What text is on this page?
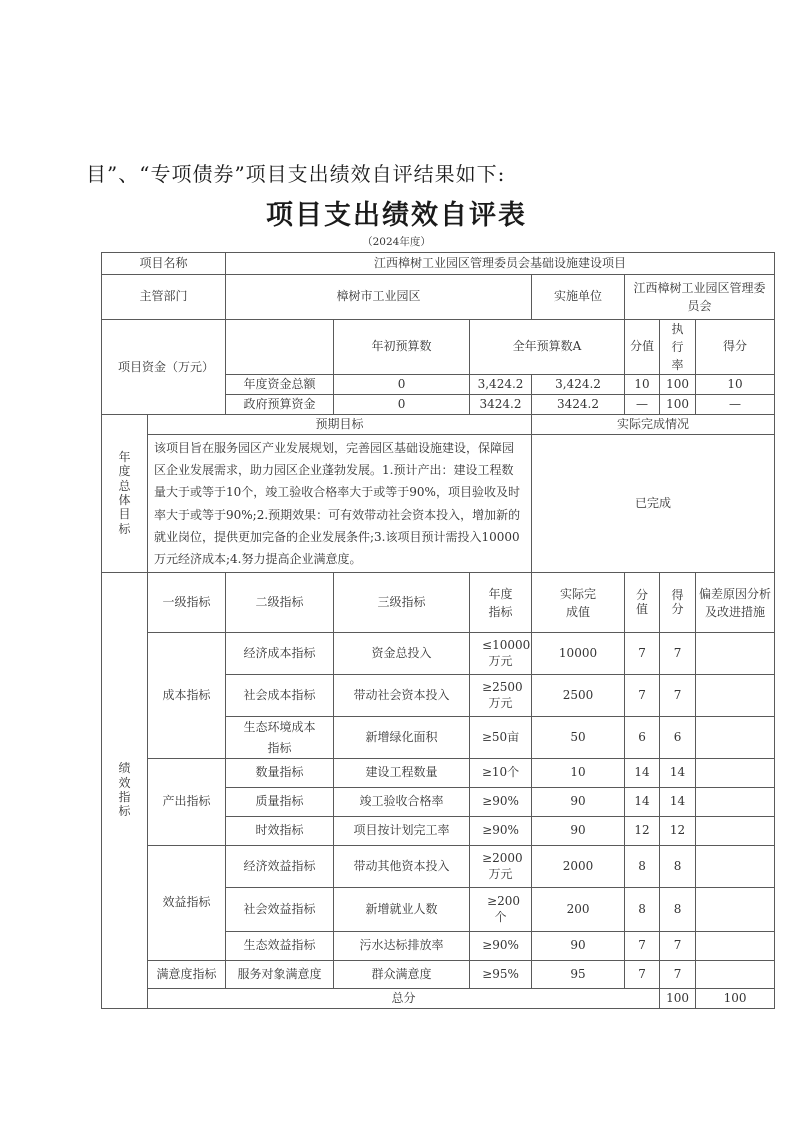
目”、“专项债券”项目支出绩效自评结果如下:
项目支出绩效自评表
（2024年度）
项目名称		江西樟树工业园区管理委员会基础设施建设项目							
主管部门		樟树市工业园区			实施单位	江西樟树工业园区管理委员会			
项目资金（万元）			年初预算数	全年预算数A		分值	执行率	得分	
		年度资金总额	0	3,424.2	3,424.2	10	100	10	
		政府预算资金	0	3424.2	3424.2	—	100	—	
年度总体目标	预期目标				实际完成情况				
	该项目旨在服务园区产业发展规划，完善园区基础设施建设，保障园区企业发展需求，助力园区企业蓬勃发展。1.预计产出：建设工程数量大于或等于10个，竣工验收合格率大于或等于90%，项目验收及时率大于或等于90%;2.预期效果：可有效带动社会资本投入，增加新的就业岗位，提供更加完备的企业发展条件;3.该项目预计需投入10000万元经济成本;4.努力提高企业满意度。				已完成				
绩效指标	一级指标	二级指标	三级指标	年度指标	实际完成值	分值	得分	偏差原因分析及改进措施	
	成本指标	经济成本指标	资金总投入	≤10000万元	10000	7	7		
		社会成本指标	带动社会资本投入	≥2500万元	2500	7	7		
		生态环境成本指标	新增绿化面积	≥50亩	50	6	6		
	产出指标	数量指标	建设工程数量	≥10个	10	14	14		
		质量指标	竣工验收合格率	≥90%	90	14	14		
		时效指标	项目按计划完工率	≥90%	90	12	12		
	效益指标	经济效益指标	带动其他资本投入	≥2000万元	2000	8	8		
		社会效益指标	新增就业人数	≥200个	200	8	8		
		生态效益指标	污水达标排放率	≥90%	90	7	7		
	满意度指标	服务对象满意度	群众满意度	≥95%	95	7	7		
	总分						100	100	
